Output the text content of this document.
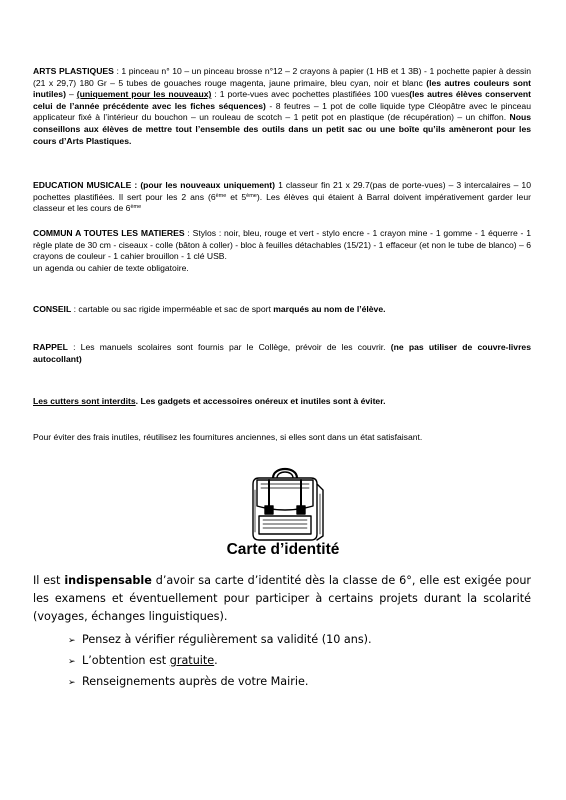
ARTS PLASTIQUES : 1 pinceau n° 10 – un pinceau brosse n°12 – 2 crayons à papier (1 HB et 1 3B) - 1 pochette papier à dessin (21 x 29,7) 180 Gr – 5 tubes de gouaches rouge magenta, jaune primaire, bleu cyan, noir et blanc (les autres couleurs sont inutiles) – (uniquement pour les nouveaux) : 1 porte-vues avec pochettes plastifiées 100 vues(les autres élèves conservent celui de l’année précédente avec les fiches séquences) - 8 feutres – 1 pot de colle liquide type Cléopâtre avec le pinceau applicateur fixé à l’intérieur du bouchon – un rouleau de scotch – 1 petit pot en plastique (de récupération) – un chiffon. Nous conseillons aux élèves de mettre tout l’ensemble des outils dans un petit sac ou une boîte qu’ils amèneront pour les cours d’Arts Plastiques.
EDUCATION MUSICALE : (pour les nouveaux uniquement) 1 classeur fin 21 x 29.7(pas de porte-vues) – 3 intercalaires – 10 pochettes plastifiées. Il sert pour les 2 ans (6ème et 5ème). Les élèves qui étaient à Barral doivent impérativement garder leur classeur et les cours de 6ème
COMMUN A TOUTES LES MATIERES : Stylos : noir, bleu, rouge et vert - stylo encre - 1 crayon mine - 1 gomme - 1 équerre - 1 règle plate de 30 cm - ciseaux - colle (bâton à coller) - bloc à feuilles détachables (15/21) - 1 effaceur (et non le tube de blanco) – 6 crayons de couleur - 1 cahier brouillon - 1 clé USB.
un agenda ou cahier de texte obligatoire.
CONSEIL : cartable ou sac rigide imperméable et sac de sport marqués au nom de l’élève.
RAPPEL : Les manuels scolaires sont fournis par le Collège, prévoir de les couvrir. (ne pas utiliser de couvre-livres autocollant)
Les cutters sont interdits. Les gadgets et accessoires onéreux et inutiles sont à éviter.
Pour éviter des frais inutiles, réutilisez les fournitures anciennes, si elles sont dans un état satisfaisant.
Carte d’identité
Il est indispensable d’avoir sa carte d’identité dès la classe de 6°, elle est exigée pour les examens et éventuellement pour participer à certains projets durant la scolarité (voyages, échanges linguistiques).
➢ Pensez à vérifier régulièrement sa validité (10 ans).
➢ L’obtention est gratuite.
➢ Renseignements auprès de votre Mairie.
